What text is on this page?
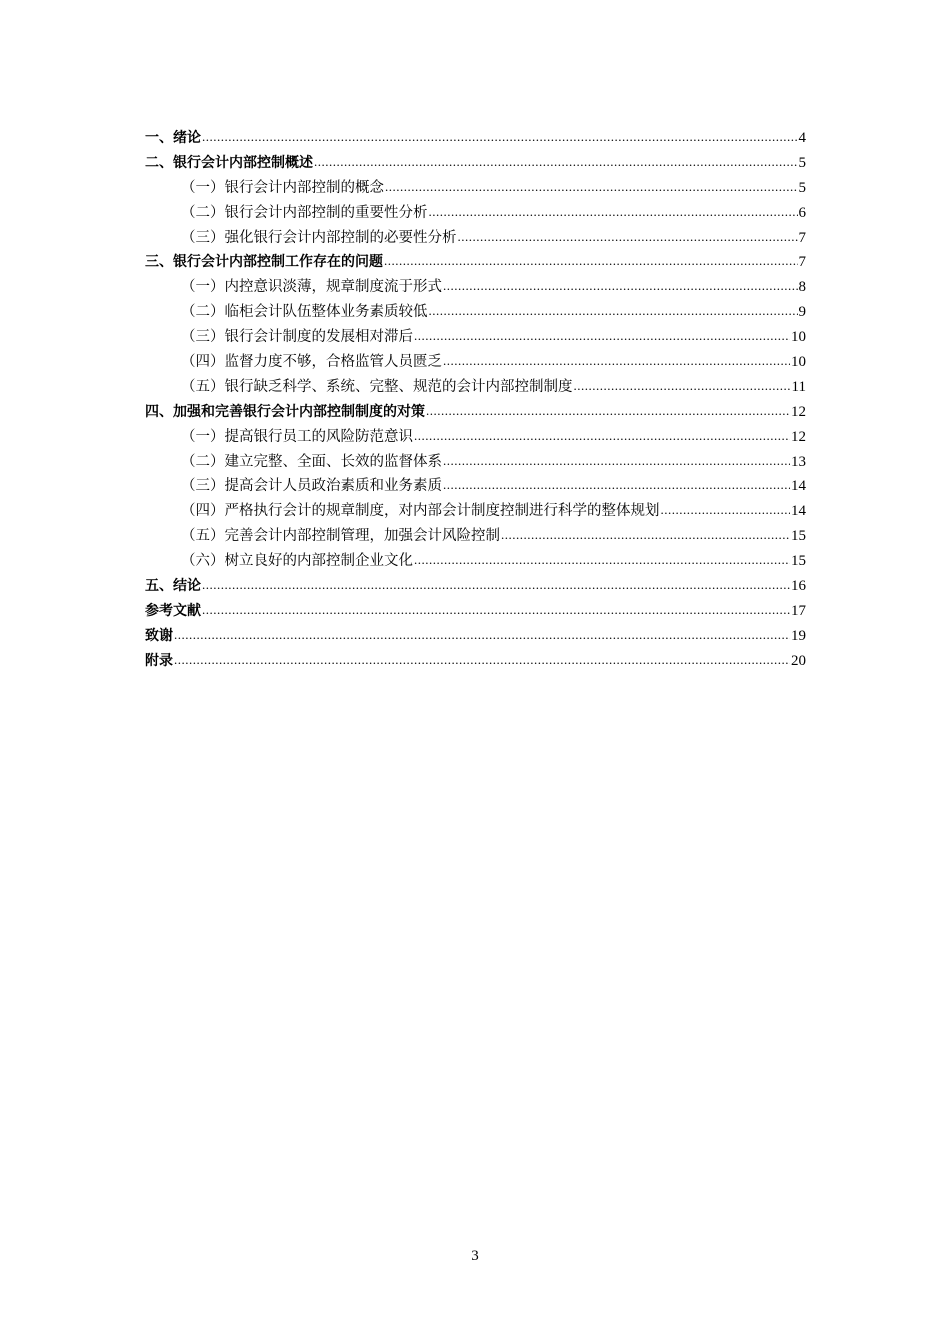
一、绪论 .....	4
二、银行会计内部控制概述 .....	5
（一）银行会计内部控制的概念 .....	5
（二）银行会计内部控制的重要性分析 .....	6
（三）强化银行会计内部控制的必要性分析 .....	7
三、银行会计内部控制工作存在的问题 .....	7
（一）内控意识淡薄，规章制度流于形式 .....	8
（二）临柜会计队伍整体业务素质较低 .....	9
（三）银行会计制度的发展相对滞后 .....	10
（四）监督力度不够，合格监管人员匮乏 .....	10
（五）银行缺乏科学、系统、完整、规范的会计内部控制制度 .....	11
四、加强和完善银行会计内部控制制度的对策 .....	12
（一）提高银行员工的风险防范意识 .....	12
（二）建立完整、全面、长效的监督体系 .....	13
（三）提高会计人员政治素质和业务素质 .....	14
（四）严格执行会计的规章制度，对内部会计制度控制进行科学的整体规划 .....	14
（五）完善会计内部控制管理，加强会计风险控制 .....	15
（六）树立良好的内部控制企业文化 .....	15
五、结论 .....	16
参考文献 .....	17
致谢 .....	19
附录 .....	20
3
